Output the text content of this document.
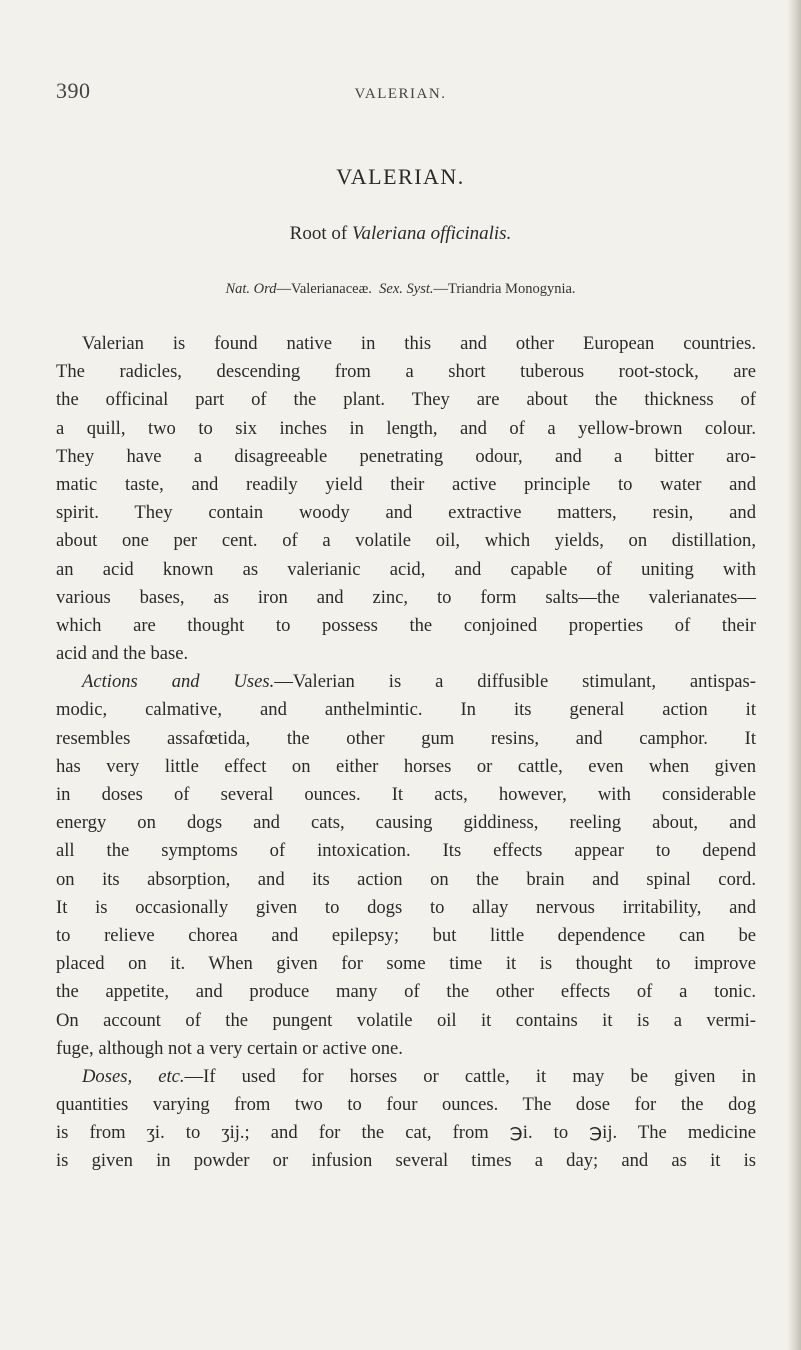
390	VALERIAN.
VALERIAN.
Root of Valeriana officinalis.
Nat. Ord—Valerianaceæ. Sex. Syst.—Triandria Monogynia.
Valerian is found native in this and other European countries.
The radicles, descending from a short tuberous root-stock, are
the officinal part of the plant. They are about the thickness of
a quill, two to six inches in length, and of a yellow-brown colour.
They have a disagreeable penetrating odour, and a bitter aro-
matic taste, and readily yield their active principle to water and
spirit. They contain woody and extractive matters, resin, and
about one per cent. of a volatile oil, which yields, on distillation,
an acid known as valerianic acid, and capable of uniting with
various bases, as iron and zinc, to form salts—the valerianates—
which are thought to possess the conjoined properties of their
acid and the base.
Actions and Uses.—Valerian is a diffusible stimulant, antispas-
modic, calmative, and anthelmintic. In its general action it
resembles assafœtida, the other gum resins, and camphor. It
has very little effect on either horses or cattle, even when given
in doses of several ounces. It acts, however, with considerable
energy on dogs and cats, causing giddiness, reeling about, and
all the symptoms of intoxication. Its effects appear to depend
on its absorption, and its action on the brain and spinal cord.
It is occasionally given to dogs to allay nervous irritability, and
to relieve chorea and epilepsy; but little dependence can be
placed on it. When given for some time it is thought to improve
the appetite, and produce many of the other effects of a tonic.
On account of the pungent volatile oil it contains it is a vermi-
fuge, although not a very certain or active one.
Doses, etc.—If used for horses or cattle, it may be given in
quantities varying from two to four ounces. The dose for the dog
is from ʒi. to ʒij.; and for the cat, from ℈i. to ℈ij. The medicine
is given in powder or infusion several times a day; and as it is
